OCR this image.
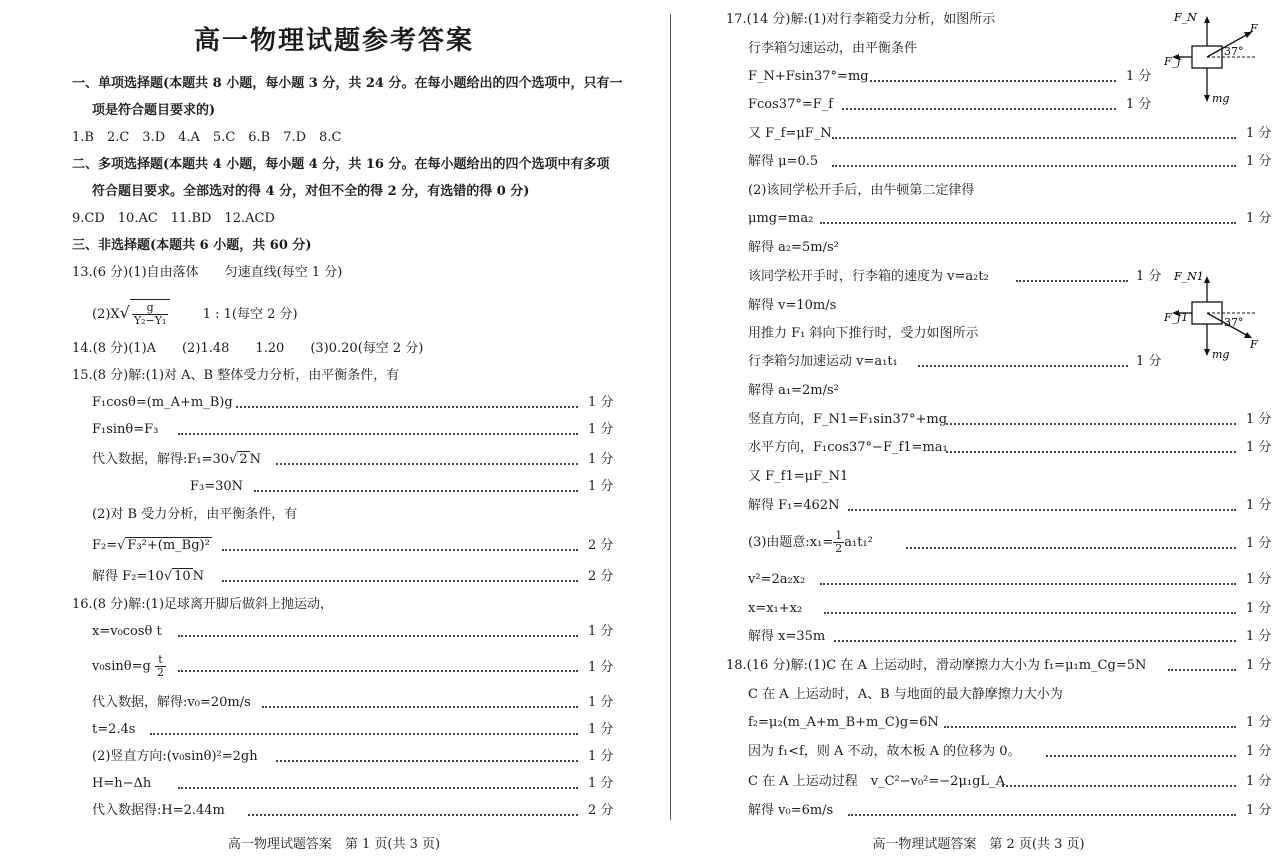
高一物理试题参考答案
一、单项选择题(本题共 8 小题，每小题 3 分，共 24 分。在每小题给出的四个选项中，只有一
项是符合题目要求的)
1.B　2.C　3.D　4.A　5.C　6.B　7.D　8.C
二、多项选择题(本题共 4 小题，每小题 4 分，共 16 分。在每小题给出的四个选项中有多项
符合题目要求。全部选对的得 4 分，对但不全的得 2 分，有选错的得 0 分)
9.CD　10.AC　11.BD　12.ACD
三、非选择题(本题共 6 小题，共 60 分)
13.(6 分)(1)自由落体　　匀速直线(每空 1 分)
$(2)X√ \frac{g}{\text{Y₂−Y₁}}$	1 : 1(每空 2 分)
14.(8 分)(1)A　　(2)1.48　　1.20　　(3)0.20(每空 2 分)
15.(8 分)解:(1)对 A、B 整体受力分析，由平衡条件，有
F₁cosθ=(m_A+m_B)g	1 分
F₁sinθ=F₃	1 分
代入数据，解得:F₁=30√ 2 N	1 分
F₃=30N	1 分
(2)对 B 受力分析，由平衡条件，有
F₂=√ F₃²+(m_Bg)²	2 分
解得 F₂=10√ 10 N	2 分
16.(8 分)解:(1)足球离开脚后做斜上抛运动，
x=v₀cosθ t	1 分
$v_0\sin\theta=g \frac{t}{2}$	1 分
代入数据，解得:v₀=20m/s	1 分
t=2.4s	1 分
(2)竖直方向:(v₀sinθ)²=2gh	1 分
H=h−Δh	1 分
代入数据得:H=2.44m	2 分
高一物理试题答案　第 1 页(共 3 页)
17.(14 分)解:(1)对行李箱受力分析，如图所示
行李箱匀速运动，由平衡条件
F_N+Fsin37°=mg	1 分
Fcos37°=F_f	1 分
F_N
F
F_f
37°
mg
又 F_f=μF_N	1 分
解得 μ=0.5	1 分
(2)该同学松开手后，由牛顿第二定律得
μmg=ma₂	1 分
解得 a₂=5m/s²
该同学松开手时，行李箱的速度为 v=a₂t₂	1 分
解得 v=10m/s
用推力 F₁ 斜向下推行时，受力如图所示
F_N1
F
F_f1	37°
mg
行李箱匀加速运动 v=a₁t₁	1 分
解得 a₁=2m/s²
竖直方向，F_N1=F₁sin37°+mg	1 分
水平方向，F₁cos37°−F_f1=ma₁	1 分
又 F_f1=μF_N1
解得 F₁=462N	1 分
(3)由题意:x₁= $\frac{1}{2} a_1t_1^2$	1 分
v²=2a₂x₂	1 分
x=x₁+x₂	1 分
解得 x=35m	1 分
18.(16 分)解:(1)C 在 A 上运动时，滑动摩擦力大小为 f₁=μ₁m_Cg=5N	1 分
C 在 A 上运动时，A、B 与地面的最大静摩擦力大小为
f₂=μ₂(m_A+m_B+m_C)g=6N	1 分
因为 f₁<f，则 A 不动，故木板 A 的位移为 0。	1 分
C 在 A 上运动过程　v_C²−v₀²=−2μ₁gL_A	1 分
解得 v₀=6m/s	1 分
高一物理试题答案　第 2 页(共 3 页)
